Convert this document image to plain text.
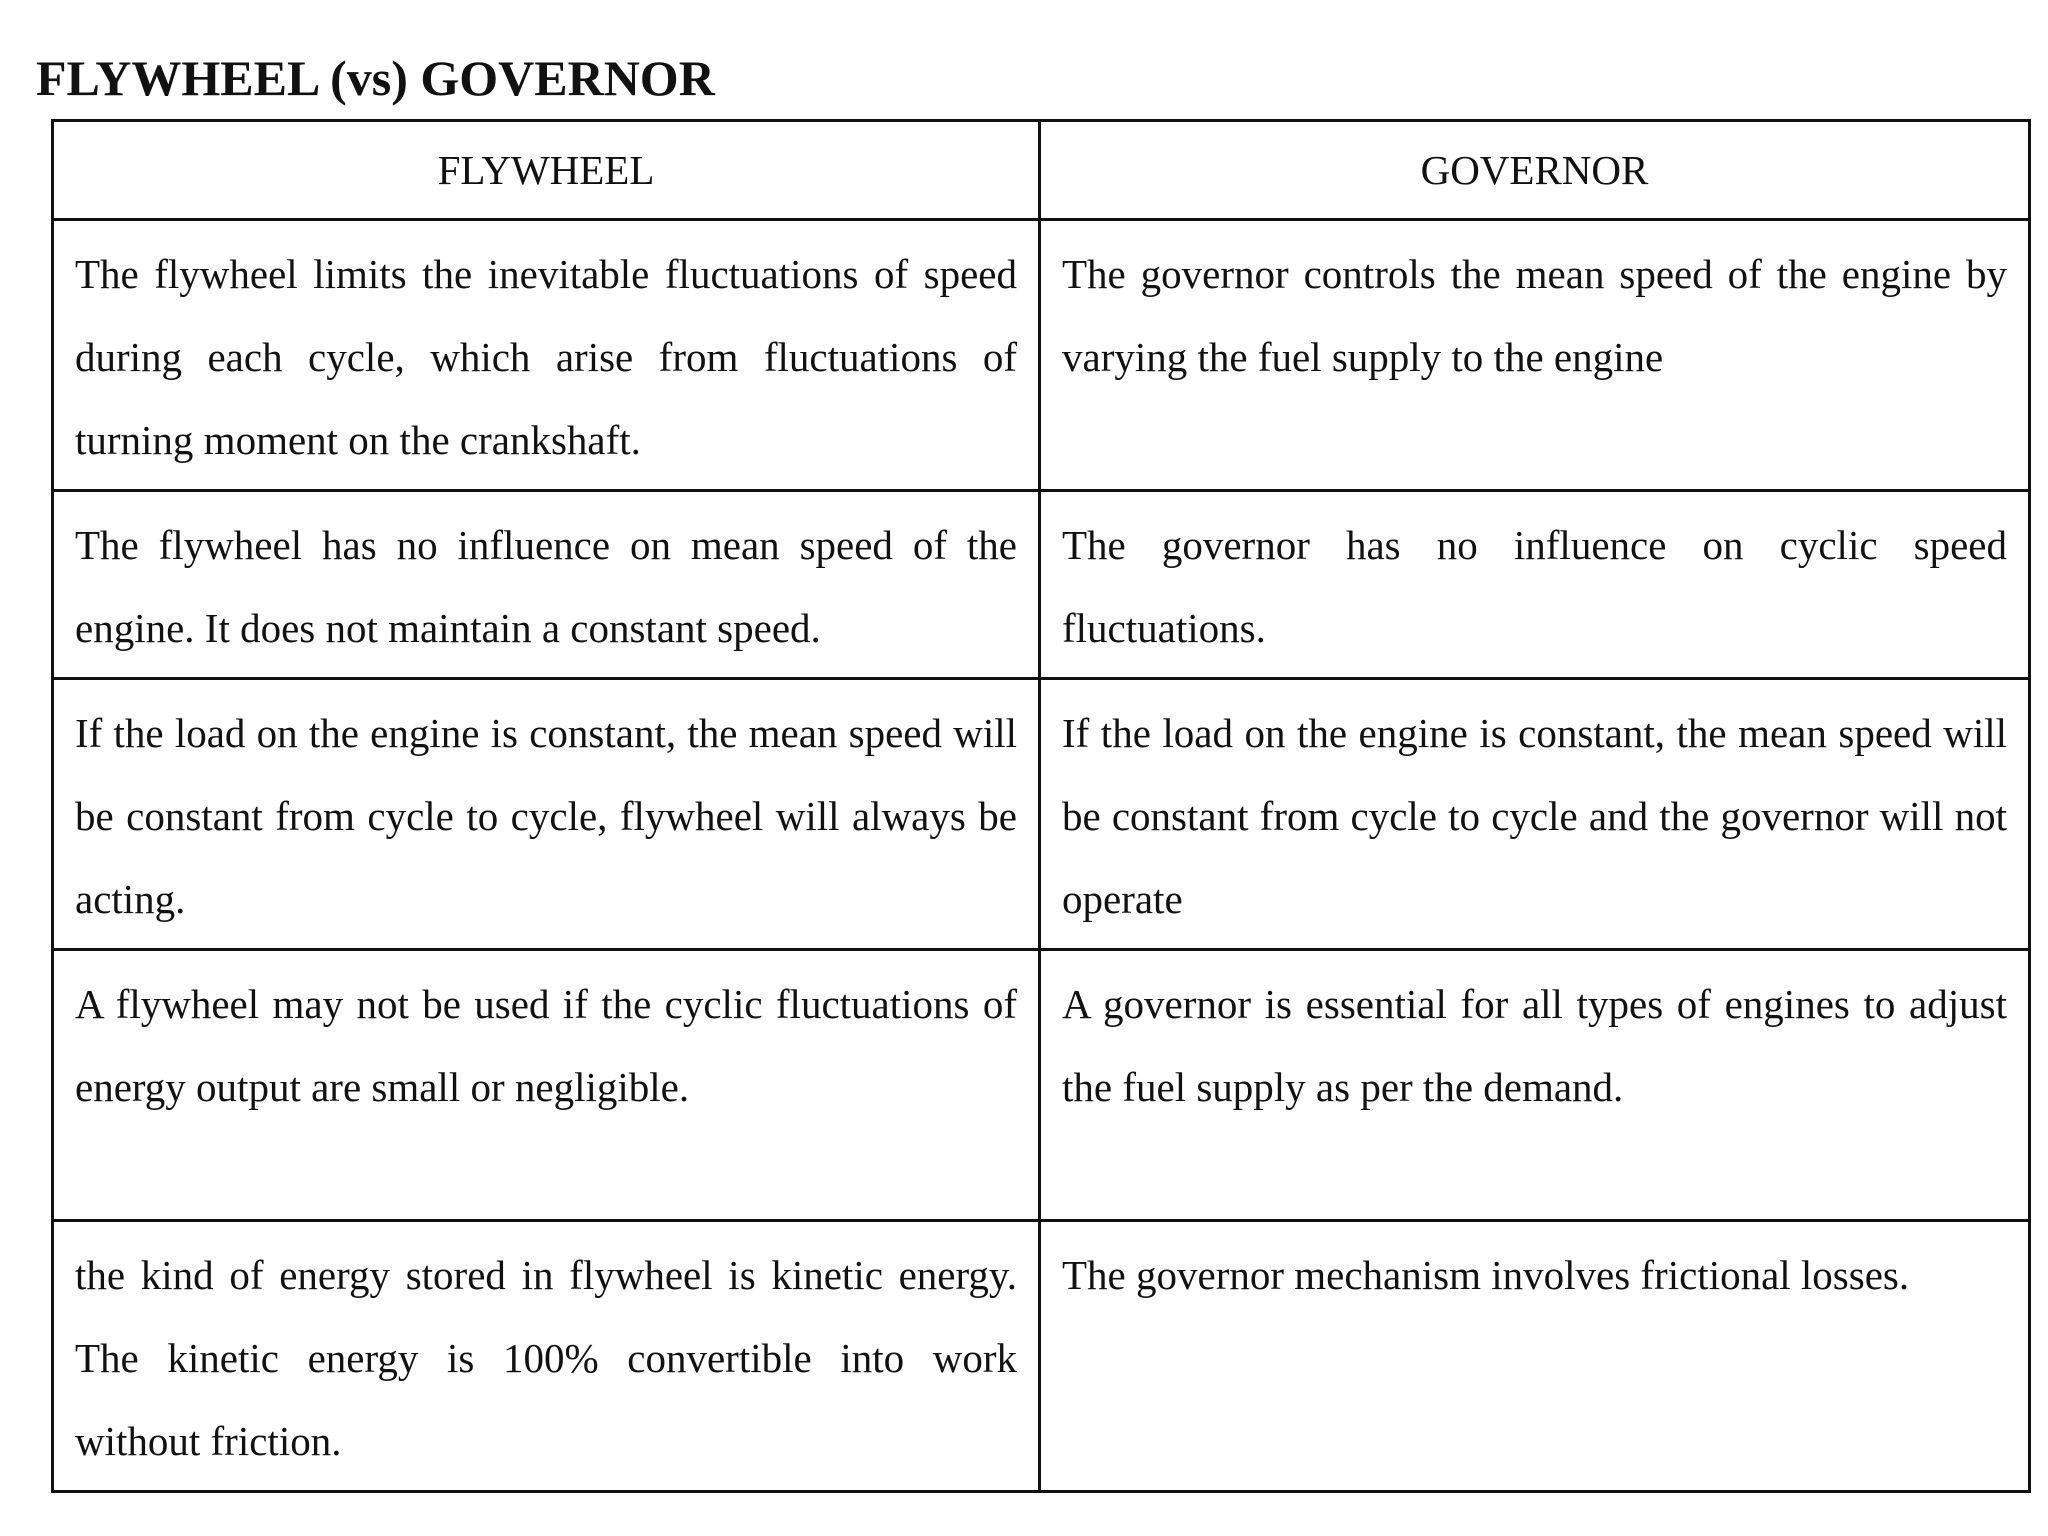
FLYWHEEL (vs) GOVERNOR
FLYWHEEL	GOVERNOR

The flywheel limits the inevitable fluctuations of speed during each cycle, which arise from fluctuations of turning moment on the crankshaft.	The governor controls the mean speed of the engine by varying the fuel supply to the engine

The flywheel has no influence on mean speed of the engine. It does not maintain a constant speed.	The governor has no influence on cyclic speed fluctuations.

If the load on the engine is constant, the mean speed will be constant from cycle to cycle, flywheel will always be acting.	If the load on the engine is constant, the mean speed will be constant from cycle to cycle and the governor will not operate

A flywheel may not be used if the cyclic fluctuations of energy output are small or negligible.	A governor is essential for all types of engines to adjust the fuel supply as per the demand.

the kind of energy stored in flywheel is kinetic energy. The kinetic energy is 100% convertible into work without friction.	The governor mechanism involves frictional losses.
